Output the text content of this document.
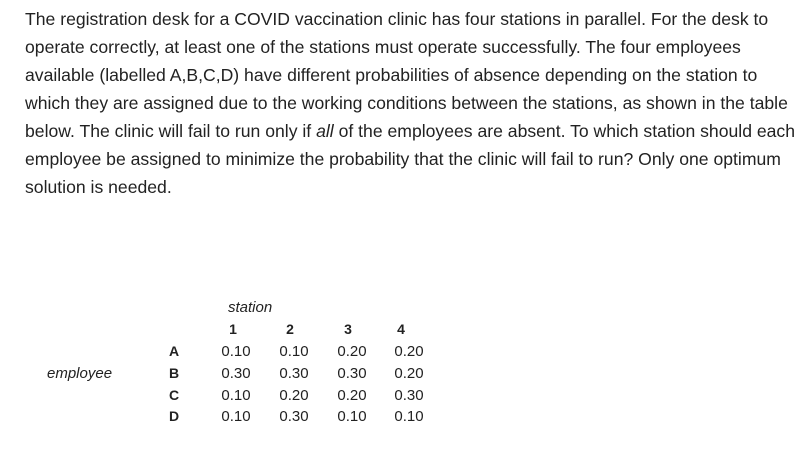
The registration desk for a COVID vaccination clinic has four stations in parallel. For the desk to operate correctly, at least one of the stations must operate successfully. The four employees available (labelled A,B,C,D) have different probabilities of absence depending on the station to which they are assigned due to the working conditions between the stations, as shown in the table below. The clinic will fail to run only if all of the employees are absent. To which station should each employee be assigned to minimize the probability that the clinic will fail to run? Only one optimum solution is needed.

station
employee
1	2	3	4
A	0.10	0.10	0.20	0.20
B	0.30	0.30	0.30	0.20
C	0.10	0.20	0.20	0.30
D	0.10	0.30	0.10	0.10
